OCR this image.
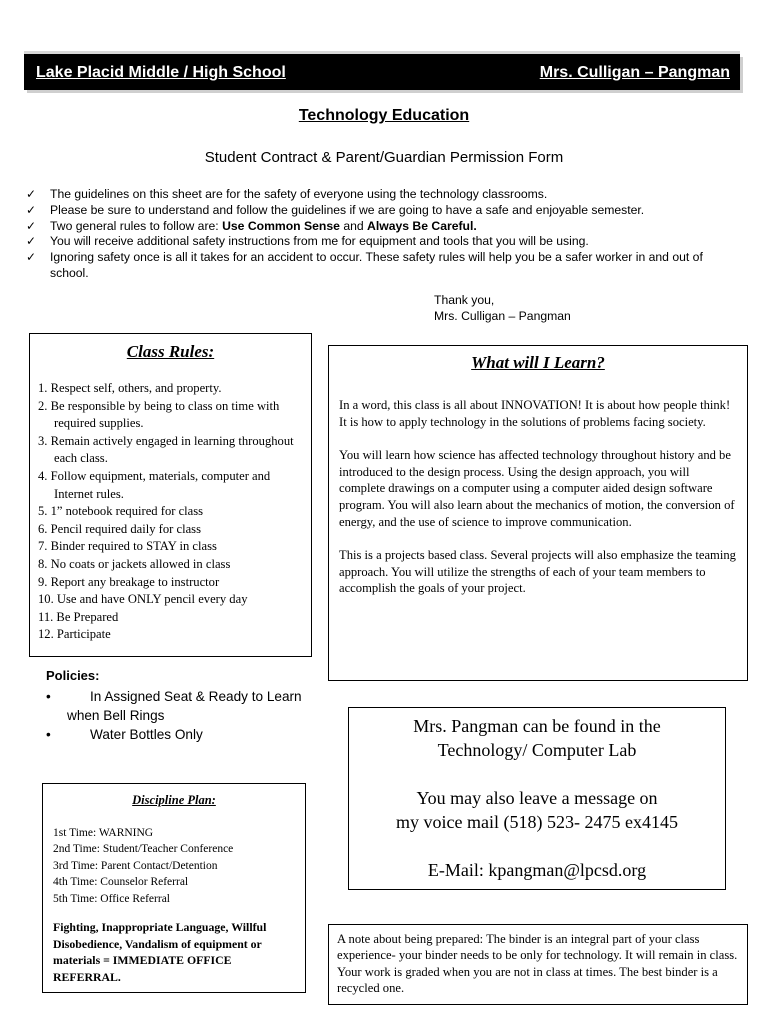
Lake Placid Middle / High School	Mrs. Culligan – Pangman
Technology Education
Student Contract & Parent/Guardian Permission Form
✓ The guidelines on this sheet are for the safety of everyone using the technology classrooms.
✓ Please be sure to understand and follow the guidelines if we are going to have a safe and enjoyable semester.
✓ Two general rules to follow are: Use Common Sense and Always Be Careful.
✓ You will receive additional safety instructions from me for equipment and tools that you will be using.
✓ Ignoring safety once is all it takes for an accident to occur. These safety rules will help you be a safer worker in and out of school.
Thank you,
Mrs. Culligan – Pangman
Class Rules:
1. Respect self, others, and property.
2. Be responsible by being to class on time with required supplies.
3. Remain actively engaged in learning throughout each class.
4. Follow equipment, materials, computer and Internet rules.
5. 1” notebook required for class
6. Pencil required daily for class
7. Binder required to STAY in class
8. No coats or jackets allowed in class
9. Report any breakage to instructor
10. Use and have ONLY pencil every day
11. Be Prepared
12. Participate
What will I Learn?

In a word, this class is all about INNOVATION! It is about how people think! It is how to apply technology in the solutions of problems facing society.

You will learn how science has affected technology throughout history and be introduced to the design process. Using the design approach, you will complete drawings on a computer using a computer aided design software program. You will also learn about the mechanics of motion, the conversion of

energy, and the use of science to improve communication.

This is a projects based class. Several projects will also emphasize the teaming approach. You will utilize the strengths of each of your team members to accomplish the goals of your project.

Policies:
•	In Assigned Seat & Ready to Learn
when Bell Rings
•	Water Bottles Only	Mrs. Pangman can be found in the

Technology/ Computer Lab

You may also leave a message on

my voice mail (518) 523- 2475 ex4145

E-Mail: kpangman@lpcsd.org

Discipline Plan:

1st Time: WARNING

2nd Time: Student/Teacher Conference

3rd Time: Parent Contact/Detention

4th Time: Counselor Referral

5th Time: Office Referral

Fighting, Inappropriate Language, Willful Disobedience, Vandalism of equipment or materials = IMMEDIATE OFFICE REFERRAL.

A note about being prepared: The binder is an integral part of your class experience- your binder needs to be only for technology. It will remain in class. Your work is graded when you are not in class at times. The best binder is a recycled one.
